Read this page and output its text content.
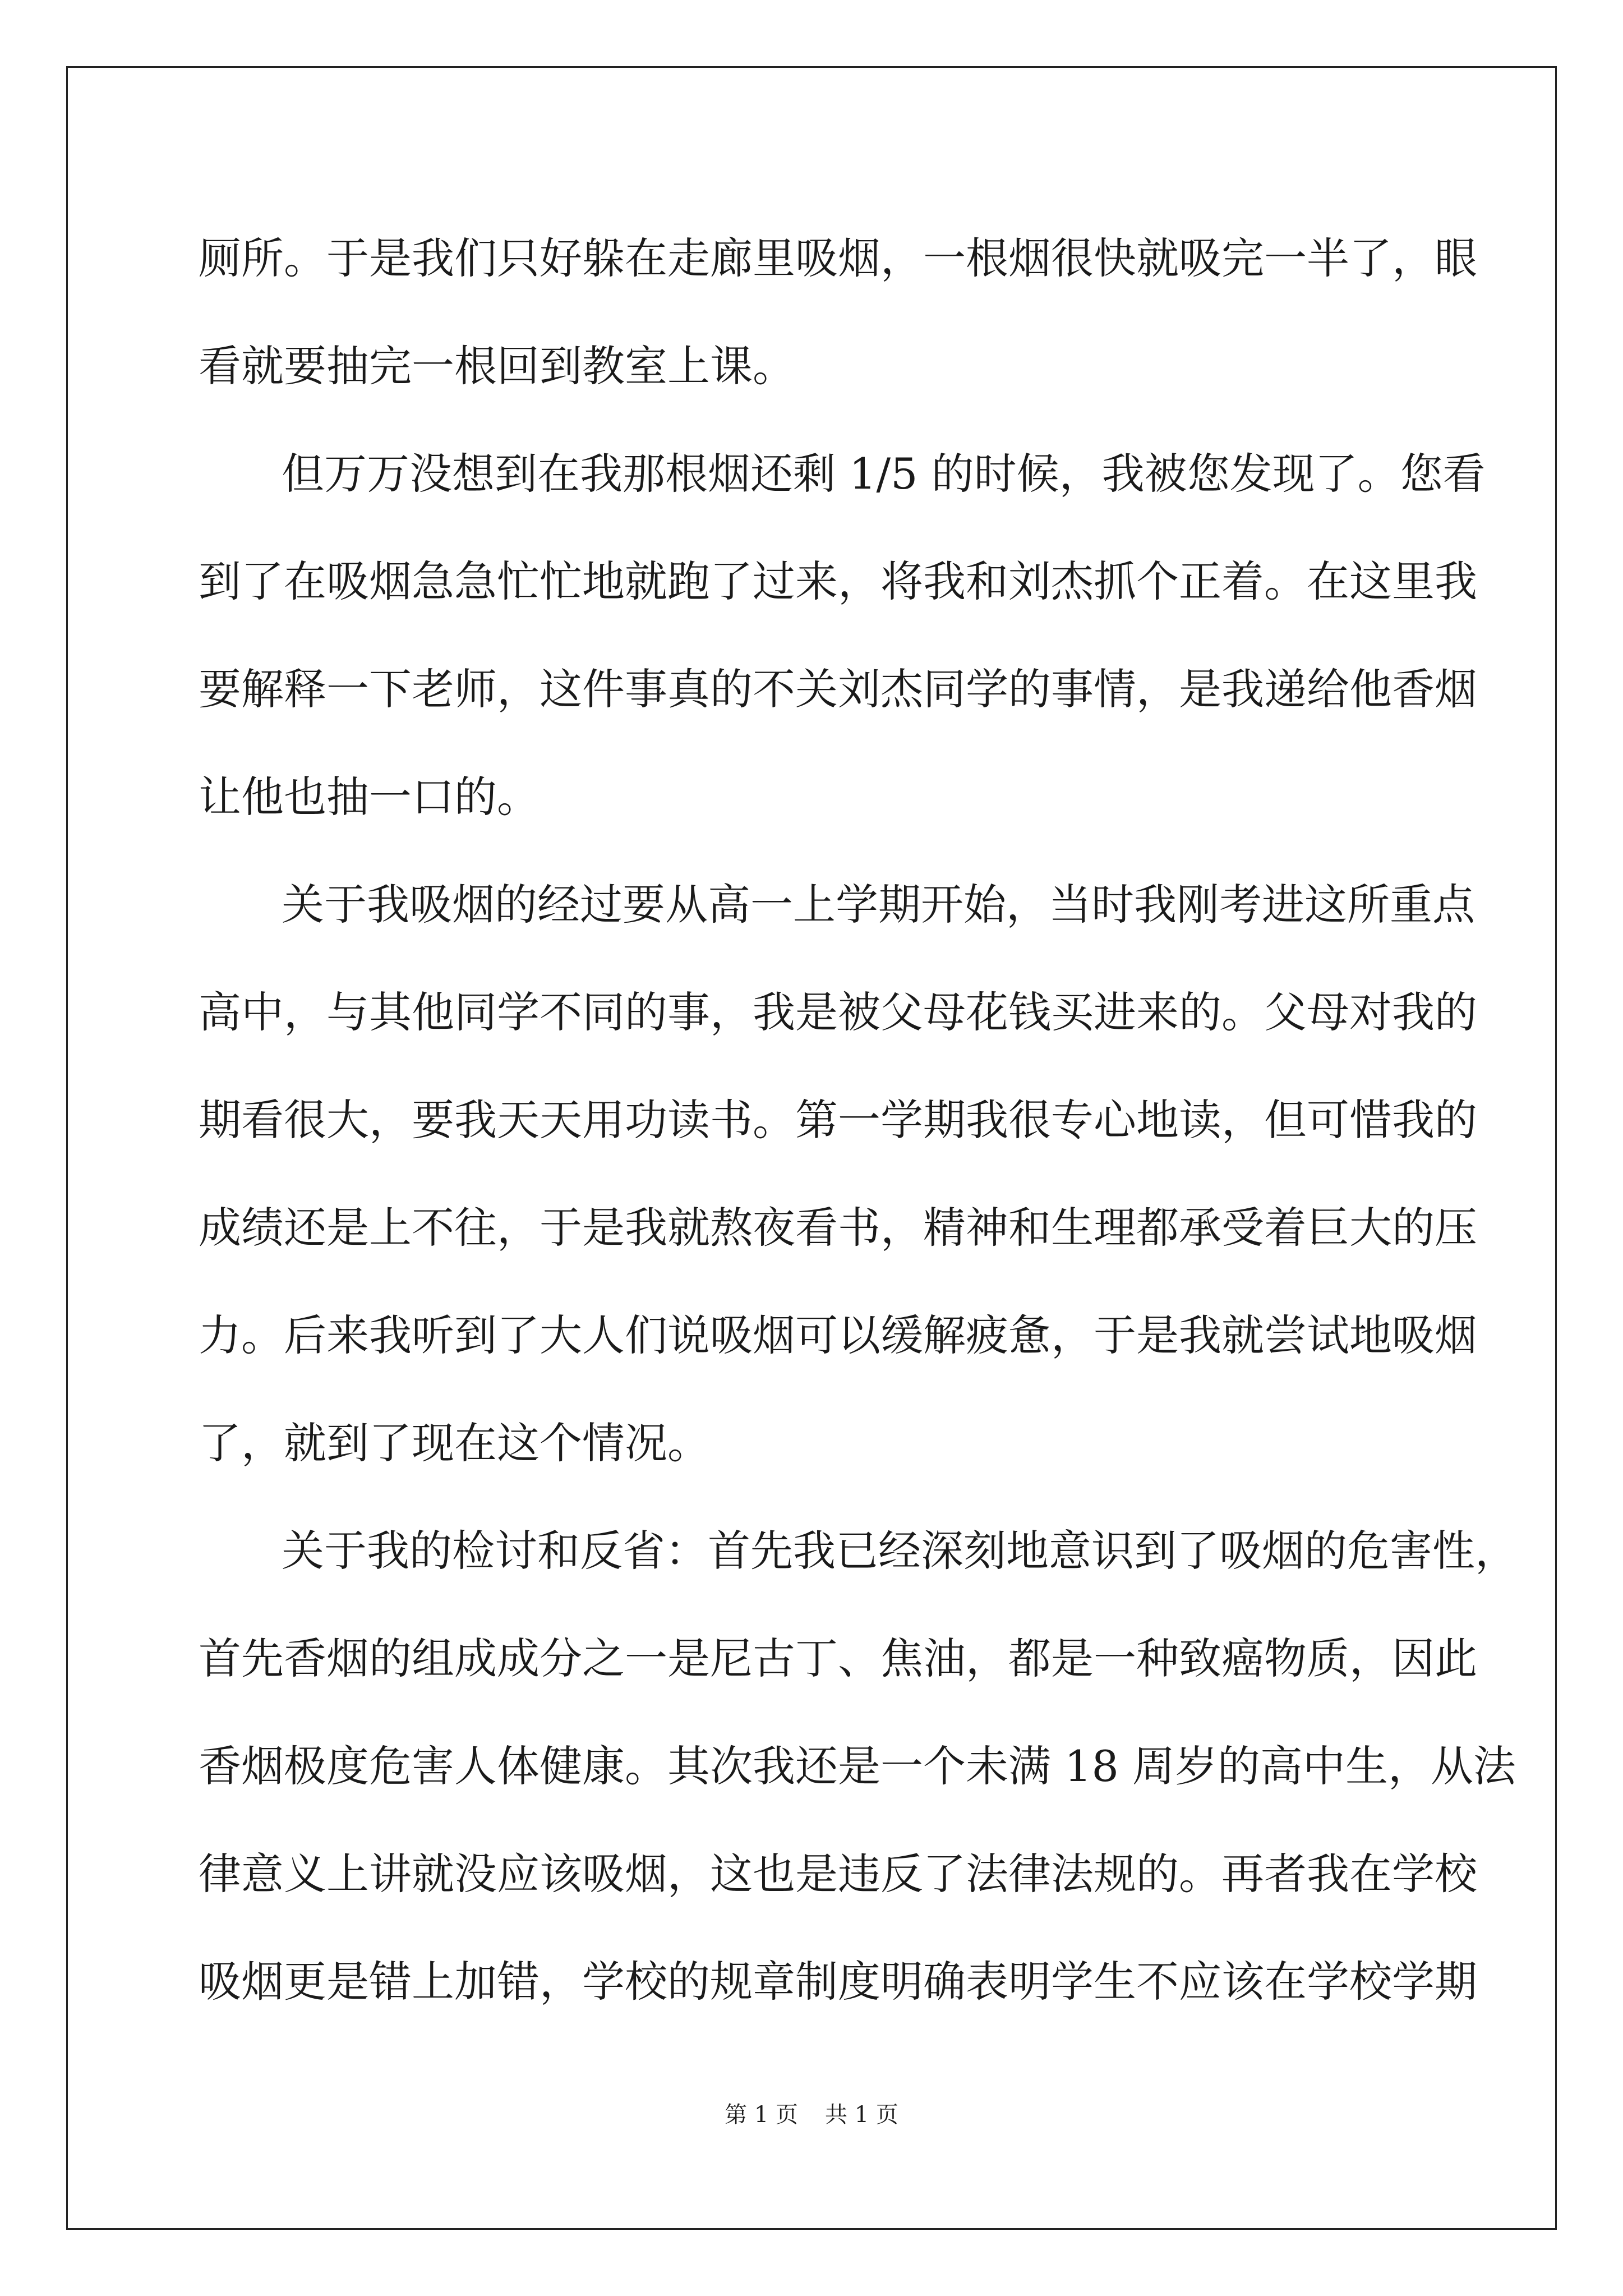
厕所。于是我们只好躲在走廊里吸烟，一根烟很快就吸完一半了，眼
看就要抽完一根回到教室上课。
但万万没想到在我那根烟还剩 1/5 的时候，我被您发现了。您看
到了在吸烟急急忙忙地就跑了过来，将我和刘杰抓个正着。在这里我
要解释一下老师，这件事真的不关刘杰同学的事情，是我递给他香烟
让他也抽一口的。
关于我吸烟的经过要从高一上学期开始，当时我刚考进这所重点
高中，与其他同学不同的事，我是被父母花钱买进来的。父母对我的
期看很大，要我天天用功读书。第一学期我很专心地读，但可惜我的
成绩还是上不往，于是我就熬夜看书，精神和生理都承受着巨大的压
力。后来我听到了大人们说吸烟可以缓解疲惫，于是我就尝试地吸烟
了，就到了现在这个情况。
关于我的检讨和反省：首先我已经深刻地意识到了吸烟的危害性，
首先香烟的组成成分之一是尼古丁、焦油，都是一种致癌物质，因此
香烟极度危害人体健康。其次我还是一个未满 18 周岁的高中生，从法
律意义上讲就没应该吸烟，这也是违反了法律法规的。再者我在学校
吸烟更是错上加错，学校的规章制度明确表明学生不应该在学校学期
第 1 页 共 1 页
